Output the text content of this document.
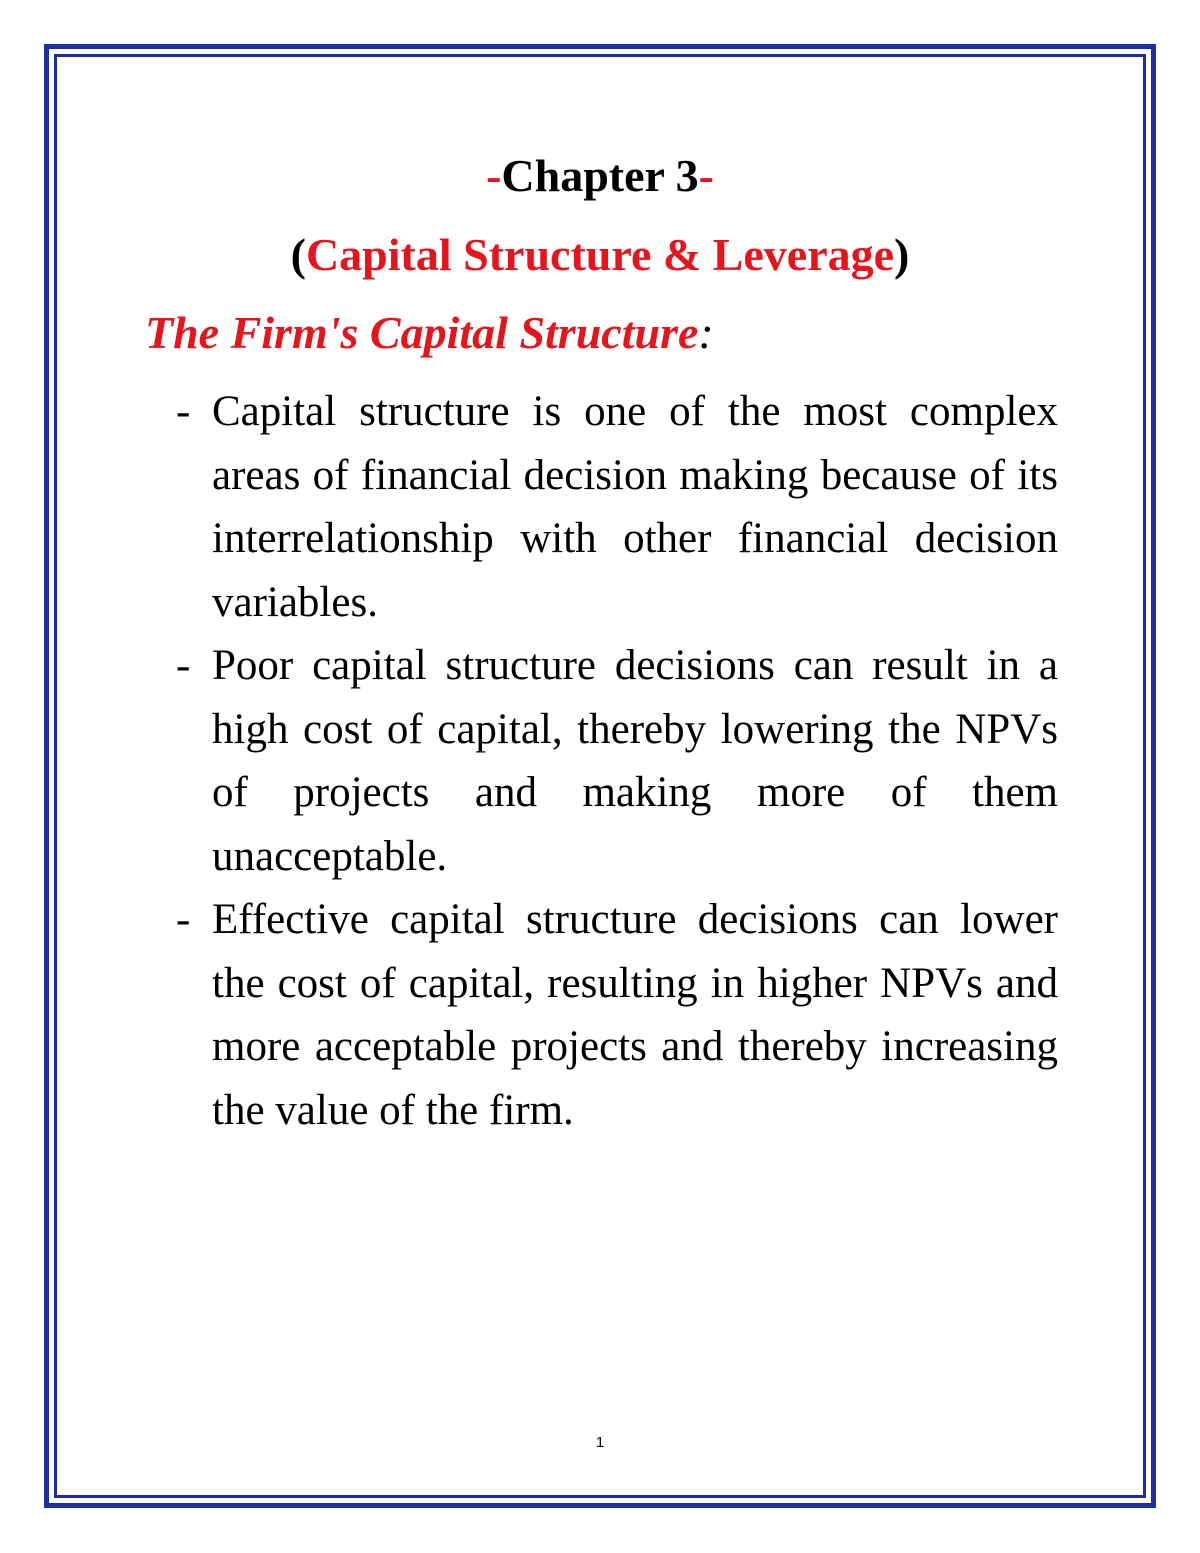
-Chapter 3-
(Capital Structure & Leverage)
The Firm's Capital Structure:
- Capital structure is one of the most complex areas of financial decision making because of its interrelationship with other financial decision variables.
- Poor capital structure decisions can result in a high cost of capital, thereby lowering the NPVs of projects and making more of them unacceptable.
- Effective capital structure decisions can lower the cost of capital, resulting in higher NPVs and more acceptable projects and thereby increasing the value of the firm.
1
